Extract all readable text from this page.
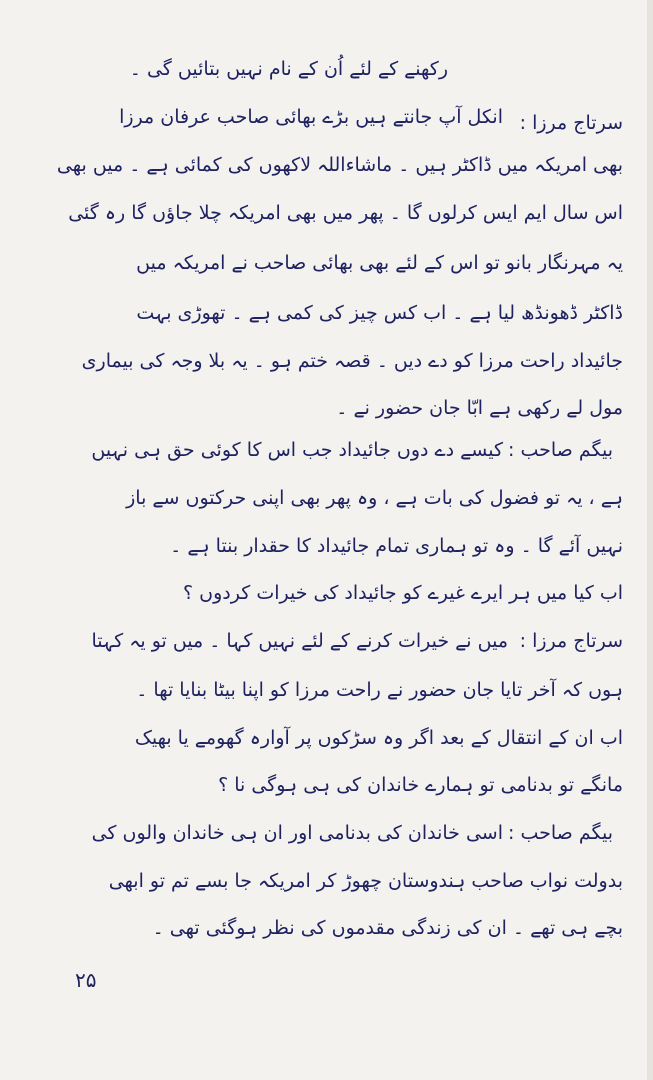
رکھنے کے لئے اُن کے نام نہیں بتائیں گی ۔
سرتاج مرزا :
انکل آپ جانتے ہیں بڑے بھائی صاحب عرفان مرزا
بھی امریکہ میں ڈاکٹر ہیں ۔ ماشاءاللہ لاکھوں کی کمائی ہے ۔ میں بھی
اس سال ایم ایس کرلوں گا ۔ پھر میں بھی امریکہ چلا جاؤں گا رہ گئی
یہ مہرنگار بانو تو اس کے لئے بھی بھائی صاحب نے امریکہ میں
ڈاکٹر ڈھونڈھ لیا ہے ۔ اب کس چیز کی کمی ہے ۔ تھوڑی بہت
جائیداد راحت مرزا کو دے دیں ۔ قصہ ختم ہو ۔ یہ بلا وجہ کی بیماری
مول لے رکھی ہے ابّا جان حضور نے ۔
بیگم صاحب :
کیسے دے دوں جائیداد جب اس کا کوئی حق ہی نہیں
ہے ، یہ تو فضول کی بات ہے ، وہ پھر بھی اپنی حرکتوں سے باز
نہیں آئے گا ۔ وہ تو ہماری تمام جائیداد کا حقدار بنتا ہے ۔
اب کیا میں ہر ایرے غیرے کو جائیداد کی خیرات کردوں ؟
سرتاج مرزا :
میں نے خیرات کرنے کے لئے نہیں کہا ۔ میں تو یہ کہتا
ہوں کہ آخر تایا جان حضور نے راحت مرزا کو اپنا بیٹا بنایا تھا ۔
اب ان کے انتقال کے بعد اگر وہ سڑکوں پر آوارہ گھومے یا بھیک
مانگے تو بدنامی تو ہمارے خاندان کی ہی ہوگی نا ؟
بیگم صاحب :
اسی خاندان کی بدنامی اور ان ہی خاندان والوں کی
بدولت نواب صاحب ہندوستان چھوڑ کر امریکہ جا بسے تم تو ابھی
بچے ہی تھے ۔ ان کی زندگی مقدموں کی نظر ہوگئی تھی ۔
۲۵
